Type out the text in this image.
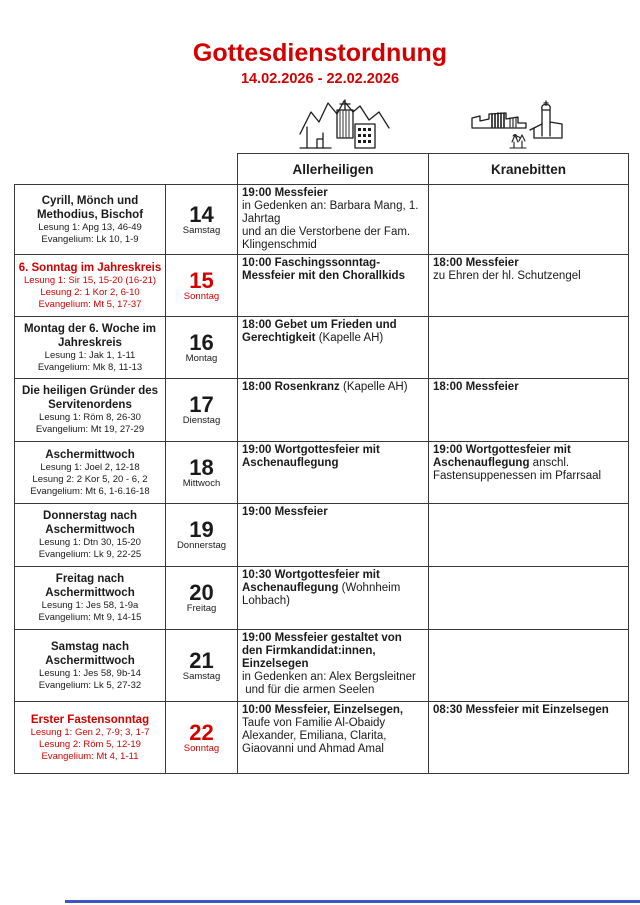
Gottesdienstordnung
14.02.2026 - 22.02.2026
		Allerheiligen	Kranebitten

Cyrill, Mönch und Methodius, Bischof
Lesung 1: Apg 13, 46-49
Evangelium: Lk 10, 1-9

14
Samstag
	19:00 Messfeier
in Gedenken an: Barbara Mang, 1. Jahrtag
und an die Verstorbene der Fam. Klingenschmid	

6. Sonntag im Jahreskreis
Lesung 1: Sir 15, 15-20 (16-21)
Lesung 2: 1 Kor 2, 6-10
Evangelium: Mt 5, 17-37

15
Sonntag
	10:00 Faschingssonntag-Messfeier mit den Chorallkids	18:00 Messfeier
zu Ehren der hl. Schutzengel

Montag der 6. Woche im Jahreskreis
Lesung 1: Jak 1, 1-11
Evangelium: Mk 8, 11-13

16
Montag
	18:00 Gebet um Frieden und Gerechtigkeit (Kapelle AH)	

Die heiligen Gründer des Servitenordens
Lesung 1: Röm 8, 26-30
Evangelium: Mt 19, 27-29

17
Dienstag
	18:00 Rosenkranz (Kapelle AH)	18:00 Messfeier

Aschermittwoch
Lesung 1: Joel 2, 12-18
Lesung 2: 2 Kor 5, 20 - 6, 2
Evangelium: Mt 6, 1-6.16-18

18
Mittwoch
	19:00 Wortgottesfeier mit Aschenauflegung	19:00 Wortgottesfeier mit Aschenauflegung anschl. Fastensuppenessen im Pfarrsaal

Donnerstag nach Aschermittwoch
Lesung 1: Dtn 30, 15-20
Evangelium: Lk 9, 22-25

19
Donnerstag
	19:00 Messfeier	

Freitag nach Aschermittwoch
Lesung 1: Jes 58, 1-9a
Evangelium: Mt 9, 14-15

20
Freitag
	10:30 Wortgottesfeier mit Aschenauflegung (Wohnheim Lohbach)	

Samstag nach Aschermittwoch
Lesung 1: Jes 58, 9b-14
Evangelium: Lk 5, 27-32

21
Samstag
	19:00 Messfeier gestaltet von den Firmkandidat:innen, Einzelsegen
in Gedenken an: Alex Bergsleitner
und für die armen Seelen	

Erster Fastensonntag
Lesung 1: Gen 2, 7-9; 3, 1-7
Lesung 2: Röm 5, 12-19
Evangelium: Mt 4, 1-11

22
Sonntag
	10:00 Messfeier, Einzelsegen,
Taufe von Familie Al-Obaidy Alexander, Emiliana, Clarita, Giaovanni und Ahmad Amal	08:30 Messfeier mit Einzelsegen
